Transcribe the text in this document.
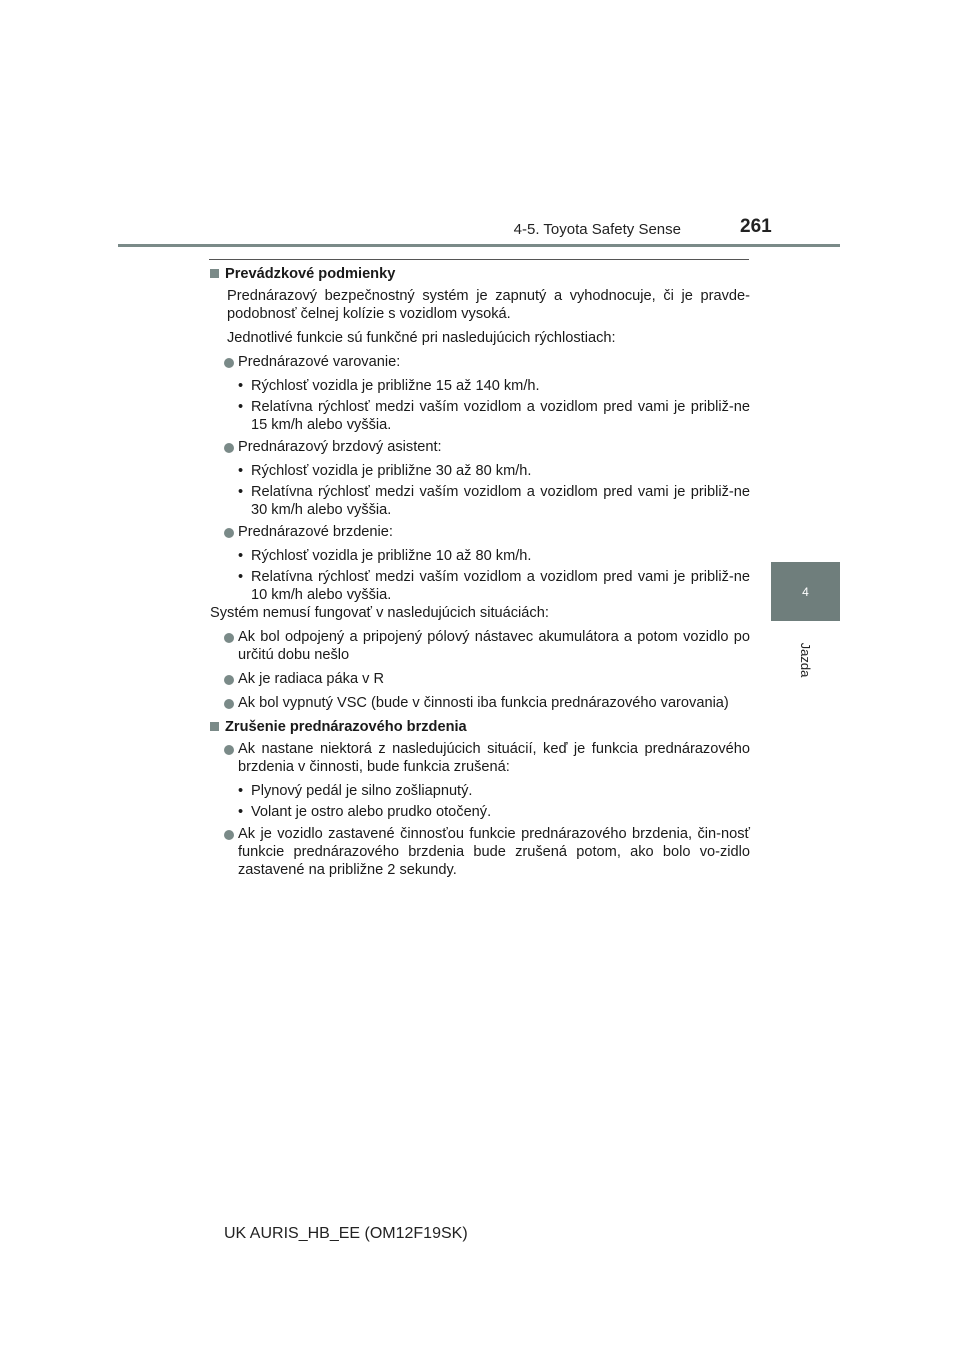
4-5. Toyota Safety Sense	261
4
Jazda
Prevádzkové podmienky
Prednárazový bezpečnostný systém je zapnutý a vyhodnocuje, či je pravde-podobnosť čelnej kolízie s vozidlom vysoká.
Jednotlivé funkcie sú funkčné pri nasledujúcich rýchlostiach:
Prednárazové varovanie:
• Rýchlosť vozidla je približne 15 až 140 km/h.
• Relatívna rýchlosť medzi vaším vozidlom a vozidlom pred vami je približ-ne 15 km/h alebo vyššia.
Prednárazový brzdový asistent:
• Rýchlosť vozidla je približne 30 až 80 km/h.
• Relatívna rýchlosť medzi vaším vozidlom a vozidlom pred vami je približ-ne 30 km/h alebo vyššia.
Prednárazové brzdenie:
• Rýchlosť vozidla je približne 10 až 80 km/h.
• Relatívna rýchlosť medzi vaším vozidlom a vozidlom pred vami je približ-ne 10 km/h alebo vyššia.
Systém nemusí fungovať v nasledujúcich situáciách:
Ak bol odpojený a pripojený pólový nástavec akumulátora a potom vozidlo po určitú dobu nešlo
Ak je radiaca páka v R
Ak bol vypnutý VSC (bude v činnosti iba funkcia prednárazového varovania)
Zrušenie prednárazového brzdenia
Ak nastane niektorá z nasledujúcich situácií, keď je funkcia prednárazového brzdenia v činnosti, bude funkcia zrušená:
• Plynový pedál je silno zošliapnutý.
• Volant je ostro alebo prudko otočený.
Ak je vozidlo zastavené činnosťou funkcie prednárazového brzdenia, čin-nosť funkcie prednárazového brzdenia bude zrušená potom, ako bolo vo-zidlo zastavené na približne 2 sekundy.
UK AURIS_HB_EE (OM12F19SK)
